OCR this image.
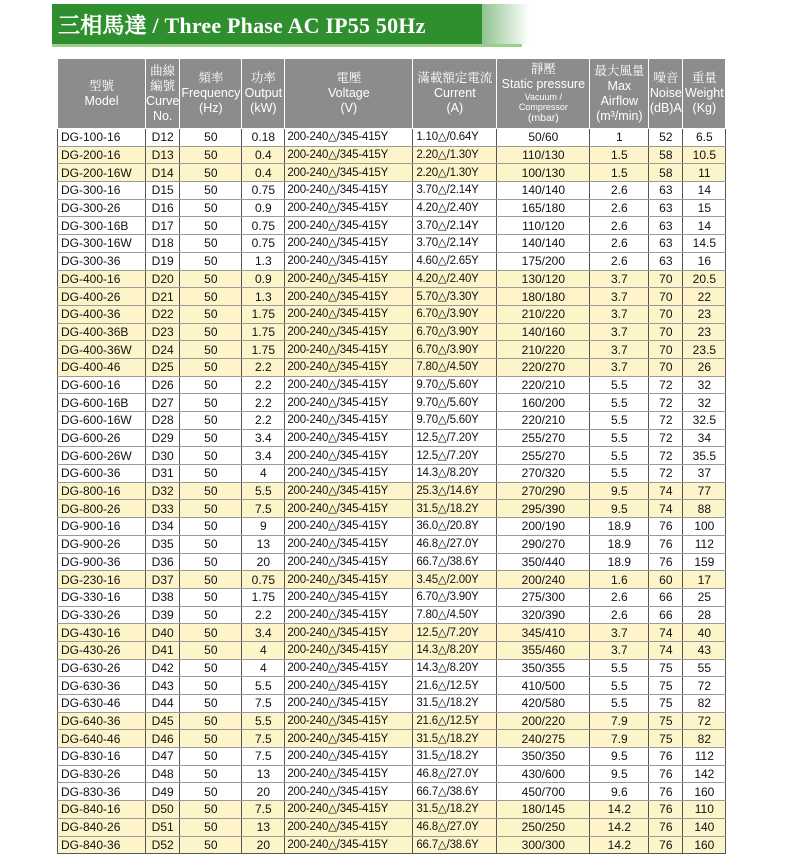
三相馬達 / Three Phase AC IP55 50Hz
型號
Model	曲線
編號
Curve
No.	頻率
Frequency
(Hz)	功率
Output
(kW)	電壓
Voltage
(V)	滿載額定電流
Current
(A)	靜壓
Static pressure
Vacuum /
Compressor
(mbar)	最大風量
Max
Airflow
(m³/min)	噪音
Noise
(dB)A	重量
Weight
(Kg)
DG-100-16	D12	50	0.18	200-240△/345-415Y	1.10△/0.64Y	50/60	1	52	6.5
DG-200-16	D13	50	0.4	200-240△/345-415Y	2.20△/1.30Y	110/130	1.5	58	10.5
DG-200-16W	D14	50	0.4	200-240△/345-415Y	2.20△/1.30Y	100/130	1.5	58	11
DG-300-16	D15	50	0.75	200-240△/345-415Y	3.70△/2.14Y	140/140	2.6	63	14
DG-300-26	D16	50	0.9	200-240△/345-415Y	4.20△/2.40Y	165/180	2.6	63	15
DG-300-16B	D17	50	0.75	200-240△/345-415Y	3.70△/2.14Y	110/120	2.6	63	14
DG-300-16W	D18	50	0.75	200-240△/345-415Y	3.70△/2.14Y	140/140	2.6	63	14.5
DG-300-36	D19	50	1.3	200-240△/345-415Y	4.60△/2.65Y	175/200	2.6	63	16
DG-400-16	D20	50	0.9	200-240△/345-415Y	4.20△/2.40Y	130/120	3.7	70	20.5
DG-400-26	D21	50	1.3	200-240△/345-415Y	5.70△/3.30Y	180/180	3.7	70	22
DG-400-36	D22	50	1.75	200-240△/345-415Y	6.70△/3.90Y	210/220	3.7	70	23
DG-400-36B	D23	50	1.75	200-240△/345-415Y	6.70△/3.90Y	140/160	3.7	70	23
DG-400-36W	D24	50	1.75	200-240△/345-415Y	6.70△/3.90Y	210/220	3.7	70	23.5
DG-400-46	D25	50	2.2	200-240△/345-415Y	7.80△/4.50Y	220/270	3.7	70	26
DG-600-16	D26	50	2.2	200-240△/345-415Y	9.70△/5.60Y	220/210	5.5	72	32
DG-600-16B	D27	50	2.2	200-240△/345-415Y	9.70△/5.60Y	160/200	5.5	72	32
DG-600-16W	D28	50	2.2	200-240△/345-415Y	9.70△/5.60Y	220/210	5.5	72	32.5
DG-600-26	D29	50	3.4	200-240△/345-415Y	12.5△/7.20Y	255/270	5.5	72	34
DG-600-26W	D30	50	3.4	200-240△/345-415Y	12.5△/7.20Y	255/270	5.5	72	35.5
DG-600-36	D31	50	4	200-240△/345-415Y	14.3△/8.20Y	270/320	5.5	72	37
DG-800-16	D32	50	5.5	200-240△/345-415Y	25.3△/14.6Y	270/290	9.5	74	77
DG-800-26	D33	50	7.5	200-240△/345-415Y	31.5△/18.2Y	295/390	9.5	74	88
DG-900-16	D34	50	9	200-240△/345-415Y	36.0△/20.8Y	200/190	18.9	76	100
DG-900-26	D35	50	13	200-240△/345-415Y	46.8△/27.0Y	290/270	18.9	76	112
DG-900-36	D36	50	20	200-240△/345-415Y	66.7△/38.6Y	350/440	18.9	76	159
DG-230-16	D37	50	0.75	200-240△/345-415Y	3.45△/2.00Y	200/240	1.6	60	17
DG-330-16	D38	50	1.75	200-240△/345-415Y	6.70△/3.90Y	275/300	2.6	66	25
DG-330-26	D39	50	2.2	200-240△/345-415Y	7.80△/4.50Y	320/390	2.6	66	28
DG-430-16	D40	50	3.4	200-240△/345-415Y	12.5△/7.20Y	345/410	3.7	74	40
DG-430-26	D41	50	4	200-240△/345-415Y	14.3△/8.20Y	355/460	3.7	74	43
DG-630-26	D42	50	4	200-240△/345-415Y	14.3△/8.20Y	350/355	5.5	75	55
DG-630-36	D43	50	5.5	200-240△/345-415Y	21.6△/12.5Y	410/500	5.5	75	72
DG-630-46	D44	50	7.5	200-240△/345-415Y	31.5△/18.2Y	420/580	5.5	75	82
DG-640-36	D45	50	5.5	200-240△/345-415Y	21.6△/12.5Y	200/220	7.9	75	72
DG-640-46	D46	50	7.5	200-240△/345-415Y	31.5△/18.2Y	240/275	7.9	75	82
DG-830-16	D47	50	7.5	200-240△/345-415Y	31.5△/18.2Y	350/350	9.5	76	112
DG-830-26	D48	50	13	200-240△/345-415Y	46.8△/27.0Y	430/600	9.5	76	142
DG-830-36	D49	50	20	200-240△/345-415Y	66.7△/38.6Y	450/700	9.6	76	160
DG-840-16	D50	50	7.5	200-240△/345-415Y	31.5△/18.2Y	180/145	14.2	76	110
DG-840-26	D51	50	13	200-240△/345-415Y	46.8△/27.0Y	250/250	14.2	76	140
DG-840-36	D52	50	20	200-240△/345-415Y	66.7△/38.6Y	300/300	14.2	76	160
